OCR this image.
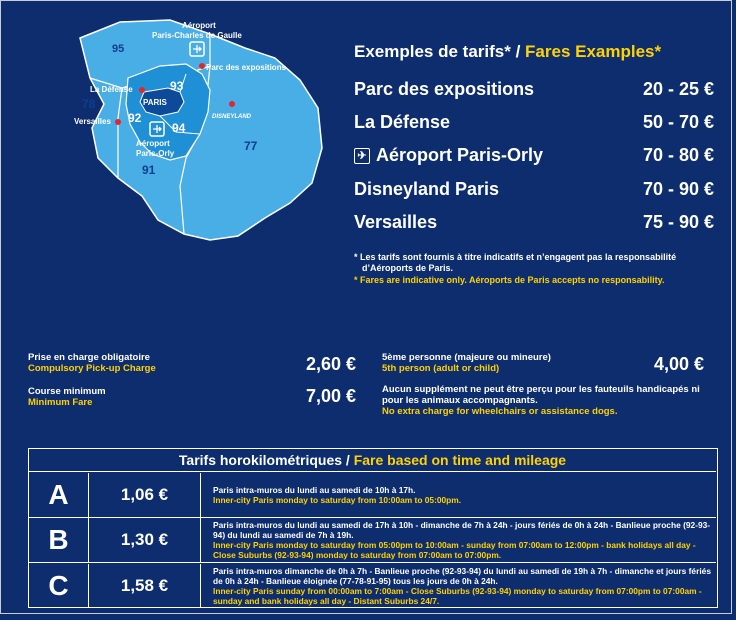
95
93
92
94
91
78
77
PARIS
Aéroport
Paris-Charles de Gaulle
Parc des expositions
La Défense
Versailles
Aéroport
Paris-Orly
DISNEYLAND
Exemples de tarifs* / Fares Examples*
Parc des expositions	20 - 25 €
La Défense	50 - 70 €
✈ Aéroport Paris-Orly	70 - 80 €
Disneyland Paris	70 - 90 €
Versailles	75 - 90 €
* Les tarifs sont fournis à titre indicatifs et n’engagent pas la responsabilité
d’Aéroports de Paris.
* Fares are indicative only. Aéroports de Paris accepts no responsability.
Prise en charge obligatoire
Compulsory Pick-up Charge	2,60 €
Course minimum
Minimum Fare	7,00 €
5ème personne (majeure ou mineure)
5th person (adult or child)	4,00 €
Aucun supplément ne peut être perçu pour les fauteuils handicapés ni pour les animaux accompagnants.
No extra charge for wheelchairs or assistance dogs.
Tarifs horokilométriques / Fare based on time and mileage
A	1,06 €	Paris intra-muros du lundi au samedi de 10h à 17h.
Inner-city Paris monday to saturday from 10:00am to 05:00pm.
B	1,30 €
Paris intra-muros du lundi au samedi de 17h à 10h - dimanche de 7h à 24h - jours fériés de 0h à 24h - Banlieue proche (92-93-94) du lundi au samedi de 7h à 19h.
Inner-city Paris monday to saturday from 05:00pm to 10:00am - sunday from 07:00am to 12:00pm - bank holidays all day - Close Suburbs (92-93-94) monday to saturday from 07:00am to 07:00pm.
C	1,58 €
Paris intra-muros dimanche de 0h à 7h - Banlieue proche (92-93-94) du lundi au samedi de 19h à 7h - dimanche et jours fériés de 0h à 24h - Banlieue éloignée (77-78-91-95) tous les jours de 0h à 24h.
Inner-city Paris sunday from 00:00am to 7:00am - Close Suburbs (92-93-94) monday to saturday from 07:00pm to 07:00am - sunday and bank holidays all day - Distant Suburbs 24/7.
